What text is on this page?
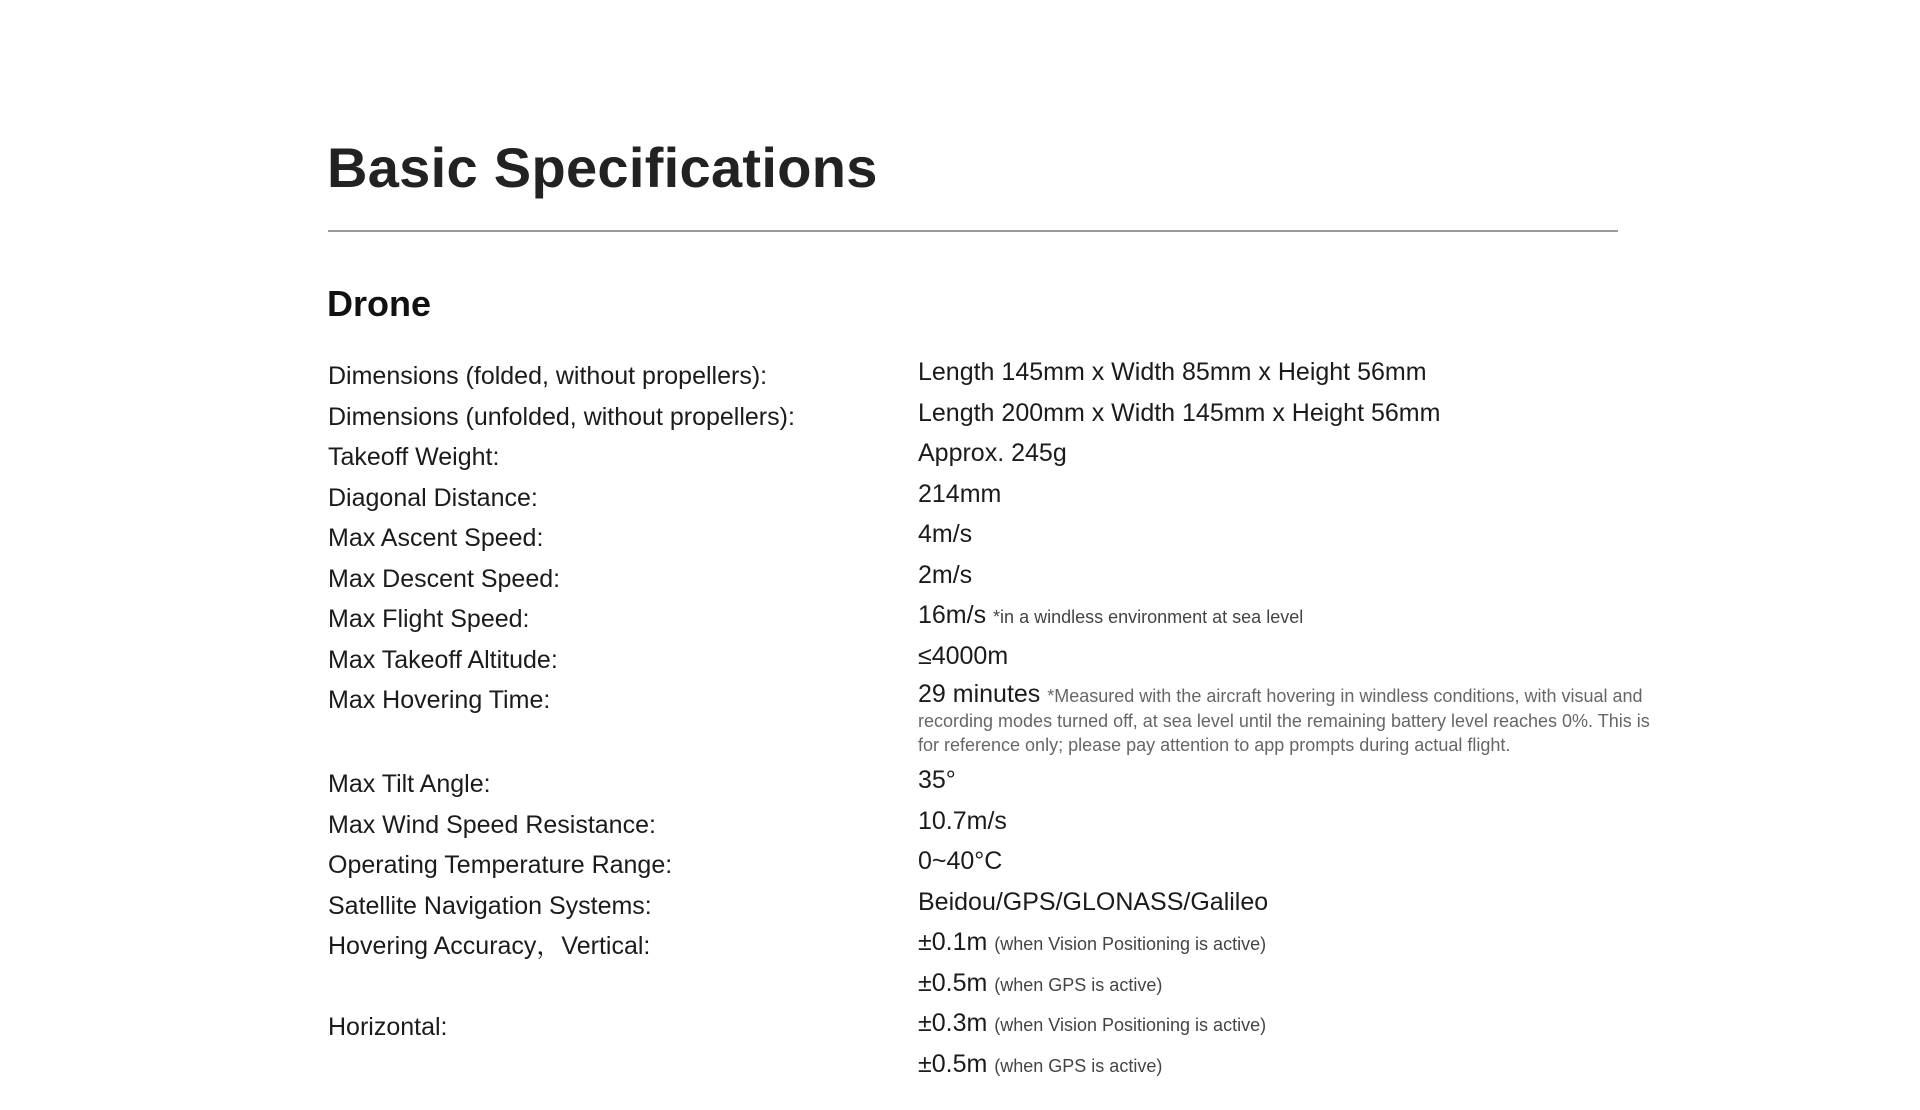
Basic Specifications
Drone
Dimensions (folded, without propellers):	Length 145mm x Width 85mm x Height 56mm
Dimensions (unfolded, without propellers):	Length 200mm x Width 145mm x Height 56mm
Takeoff Weight:	Approx. 245g
Diagonal Distance:	214mm
Max Ascent Speed:	4m/s
Max Descent Speed:	2m/s
Max Flight Speed:	16m/s *in a windless environment at sea level
Max Takeoff Altitude:	≤4000m
Max Hovering Time:	29 minutes *Measured with the aircraft hovering in windless conditions, with visual and recording modes turned off, at sea level until the remaining battery level reaches 0%. This is for reference only; please pay attention to app prompts during actual flight.
Max Tilt Angle:	35°
Max Wind Speed Resistance:	10.7m/s
Operating Temperature Range:	0~40°C
Satellite Navigation Systems:	Beidou/GPS/GLONASS/Galileo
Hovering Accuracy，Vertical:	±0.1m (when Vision Positioning is active)
±0.5m (when GPS is active)
Horizontal:	±0.3m (when Vision Positioning is active)
±0.5m (when GPS is active)
